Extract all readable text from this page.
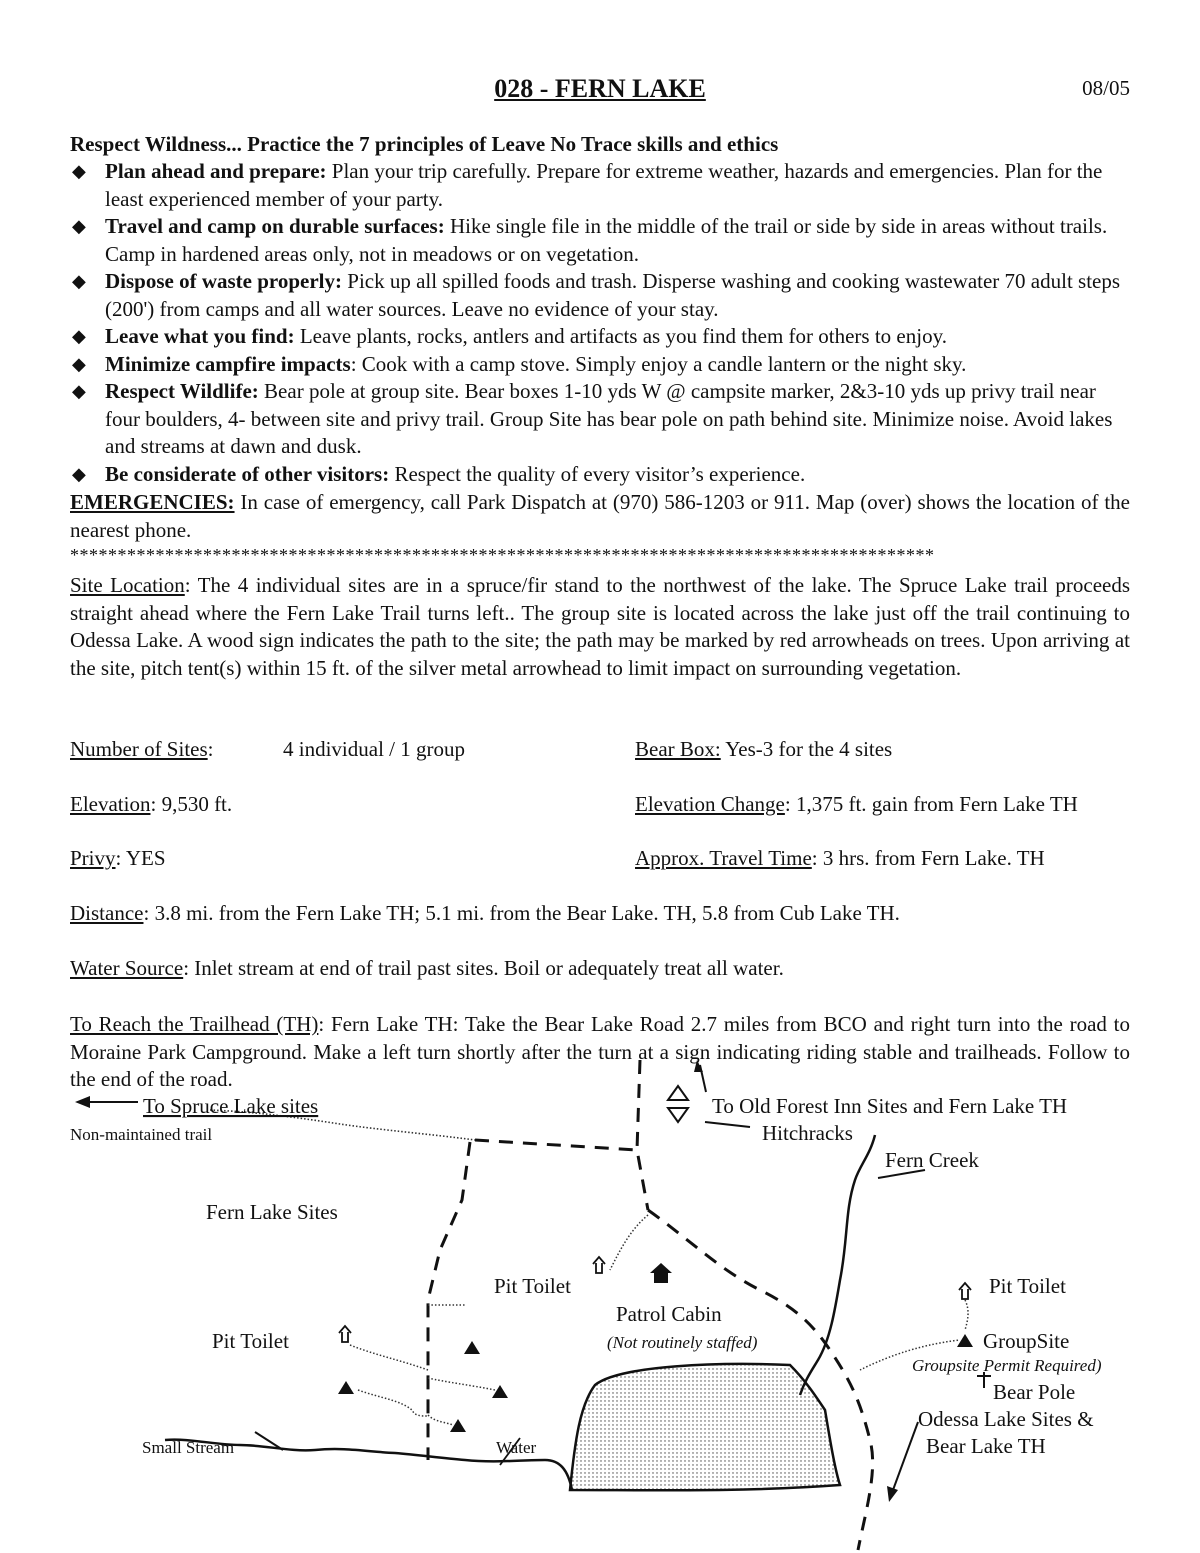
028 - FERN LAKE	08/05
Respect Wildness... Practice the 7 principles of Leave No Trace skills and ethics
◆ Plan ahead and prepare: Plan your trip carefully. Prepare for extreme weather, hazards and emergencies. Plan for the least experienced member of your party.
◆ Travel and camp on durable surfaces: Hike single file in the middle of the trail or side by side in areas without trails. Camp in hardened areas only, not in meadows or on vegetation.
◆ Dispose of waste properly: Pick up all spilled foods and trash. Disperse washing and cooking wastewater 70 adult steps (200') from camps and all water sources. Leave no evidence of your stay.
◆ Leave what you find: Leave plants, rocks, antlers and artifacts as you find them for others to enjoy.
◆ Minimize campfire impacts: Cook with a camp stove. Simply enjoy a candle lantern or the night sky.
◆ Respect Wildlife: Bear pole at group site. Bear boxes 1-10 yds W @ campsite marker, 2&3-10 yds up privy trail near four boulders, 4- between site and privy trail. Group Site has bear pole on path behind site. Minimize noise. Avoid lakes and streams at dawn and dusk.
◆ Be considerate of other visitors: Respect the quality of every visitor’s experience.
EMERGENCIES: In case of emergency, call Park Dispatch at (970) 586-1203 or 911. Map (over) shows the location of the nearest phone.
*******************************************************************************************
Site Location: The 4 individual sites are in a spruce/fir stand to the northwest of the lake. The Spruce Lake trail proceeds straight ahead where the Fern Lake Trail turns left.. The group site is located across the lake just off the trail continuing to Odessa Lake. A wood sign indicates the path to the site; the path may be marked by red arrowheads on trees. Upon arriving at the site, pitch tent(s) within 15 ft. of the silver metal arrowhead to limit impact on surrounding vegetation.
Number of Sites:	4 individual / 1 group	Bear Box: Yes-3 for the 4 sites
Elevation: 9,530 ft.	Elevation Change: 1,375 ft. gain from Fern Lake TH
Privy: YES	Approx. Travel Time: 3 hrs. from Fern Lake. TH
Distance: 3.8 mi. from the Fern Lake TH; 5.1 mi. from the Bear Lake. TH, 5.8 from Cub Lake TH.
Water Source: Inlet stream at end of trail past sites. Boil or adequately treat all water.
To Reach the Trailhead (TH): Fern Lake TH: Take the Bear Lake Road 2.7 miles from BCO and right turn into the road to Moraine Park Campground. Make a left turn shortly after the turn at a sign indicating riding stable and trailheads. Follow to the end of the road.
To Spruce Lake sites	To Old Forest Inn Sites and Fern Lake TH
Hitchracks
Fern Creek
Fern Lake Sites
Pit Toilet
Pit Toilet
Pit Toilet
Patrol Cabin
GroupSite
Bear Pole
Odessa Lake Sites &
Bear Lake TH
Non-maintained trail
Small Stream	Water
(Not routinely staffed)
Groupsite Permit Required)
